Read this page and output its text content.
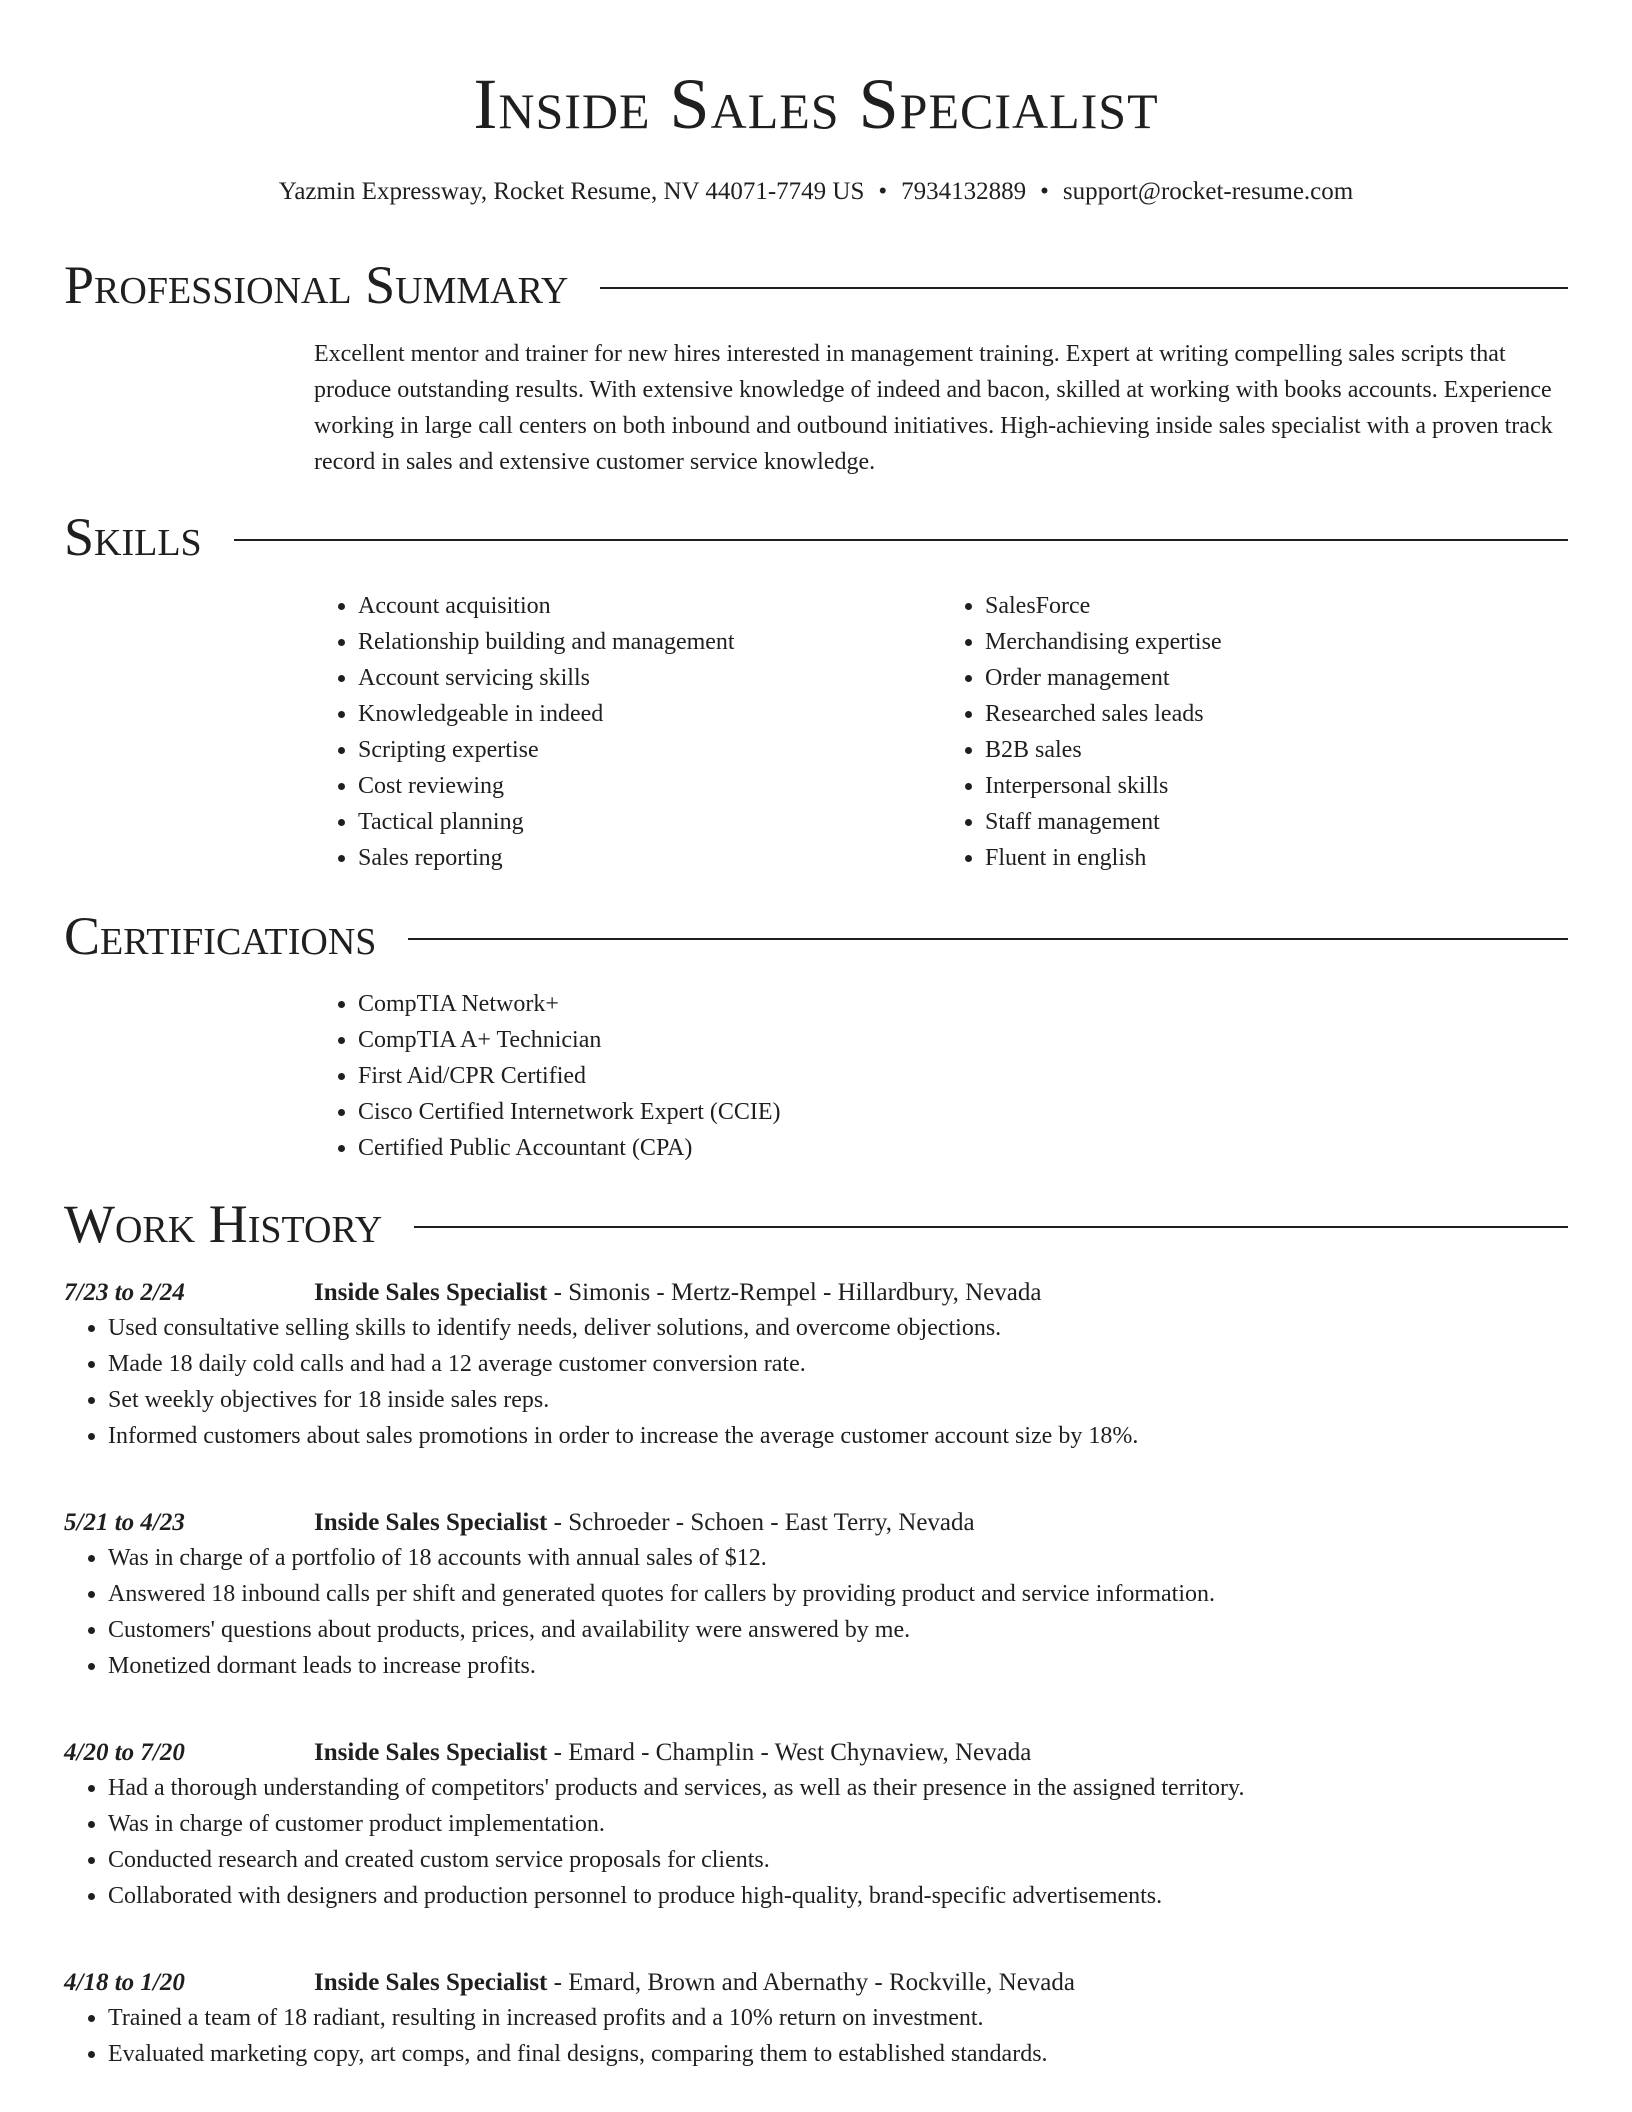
Inside Sales Specialist
Yazmin Expressway, Rocket Resume, NV 44071-7749 US • 7934132889 • support@rocket-resume.com
Professional Summary
Excellent mentor and trainer for new hires interested in management training. Expert at writing compelling sales scripts that produce outstanding results. With extensive knowledge of indeed and bacon, skilled at working with books accounts. Experience working in large call centers on both inbound and outbound initiatives. High-achieving inside sales specialist with a proven track record in sales and extensive customer service knowledge.
Skills
• Account acquisition
• Relationship building and management
• Account servicing skills
• Knowledgeable in indeed
• Scripting expertise
• Cost reviewing
• Tactical planning
• Sales reporting
• SalesForce
• Merchandising expertise
• Order management
• Researched sales leads
• B2B sales
• Interpersonal skills
• Staff management
• Fluent in english
Certifications
• CompTIA Network+
• CompTIA A+ Technician
• First Aid/CPR Certified
• Cisco Certified Internetwork Expert (CCIE)
• Certified Public Accountant (CPA)
Work History
7/23 to 2/24	Inside Sales Specialist - Simonis - Mertz-Rempel - Hillardbury, Nevada
• Used consultative selling skills to identify needs, deliver solutions, and overcome objections.
• Made 18 daily cold calls and had a 12 average customer conversion rate.
• Set weekly objectives for 18 inside sales reps.
• Informed customers about sales promotions in order to increase the average customer account size by 18%.
5/21 to 4/23	Inside Sales Specialist - Schroeder - Schoen - East Terry, Nevada
• Was in charge of a portfolio of 18 accounts with annual sales of $12.
• Answered 18 inbound calls per shift and generated quotes for callers by providing product and service information.
• Customers' questions about products, prices, and availability were answered by me.
• Monetized dormant leads to increase profits.
4/20 to 7/20	Inside Sales Specialist - Emard - Champlin - West Chynaview, Nevada
• Had a thorough understanding of competitors' products and services, as well as their presence in the assigned territory.
• Was in charge of customer product implementation.
• Conducted research and created custom service proposals for clients.
• Collaborated with designers and production personnel to produce high-quality, brand-specific advertisements.
4/18 to 1/20	Inside Sales Specialist - Emard, Brown and Abernathy - Rockville, Nevada
• Trained a team of 18 radiant, resulting in increased profits and a 10% return on investment.
• Evaluated marketing copy, art comps, and final designs, comparing them to established standards.
